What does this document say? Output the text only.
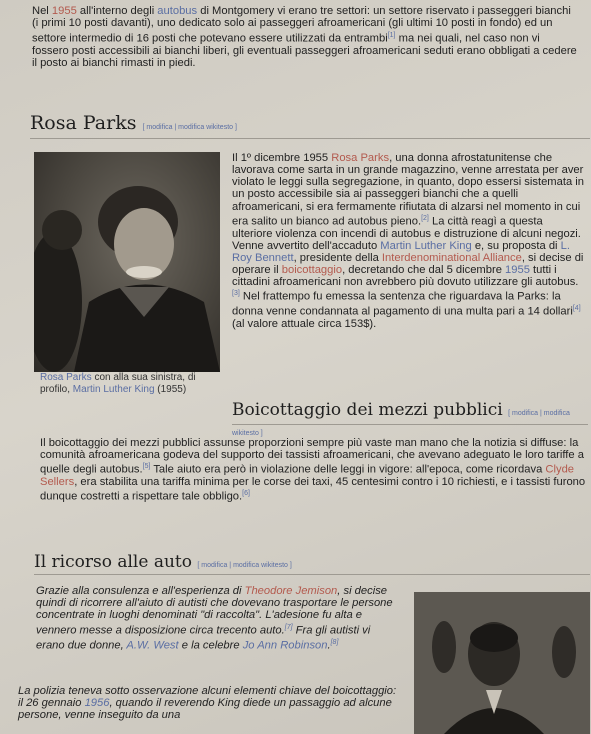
Nel 1955 all'interno degli autobus di Montgomery vi erano tre settori: un settore riservato i passeggeri bianchi (i primi 10 posti davanti), uno dedicato solo ai passeggeri afroamericani (gli ultimi 10 posti in fondo) ed un settore intermedio di 16 posti che potevano essere utilizzati da entrambi[1] ma nei quali, nel caso non vi fossero posti accessibili ai bianchi liberi, gli eventuali passeggeri afroamericani seduti erano obbligati a cedere il posto ai bianchi rimasti in piedi.

Rosa Parks [ modifica | modifica wikitesto ]
Rosa Parks con alla sua sinistra, di profilo, Martin Luther King (1955)

Il 1º dicembre 1955 Rosa Parks, una donna afrostatunitense che lavorava come sarta in un grande magazzino, venne arrestata per aver violato le leggi sulla segregazione, in quanto, dopo essersi sistemata in un posto accessibile sia ai passeggeri bianchi che a quelli afroamericani, si era fermamente rifiutata di alzarsi nel momento in cui era salito un bianco ad autobus pieno.[2] La città reagì a questa ulteriore violenza con incendi di autobus e distruzione di alcuni negozi. Venne avvertito dell'accaduto Martin Luther King e, su proposta di L. Roy Bennett, presidente della Interdenominational Alliance, si decise di operare il boicottaggio, decretando che dal 5 dicembre 1955 tutti i cittadini afroamericani non avrebbero più dovuto utilizzare gli autobus.[3] Nel frattempo fu emessa la sentenza che riguardava la Parks: la donna venne condannata al pagamento di una multa pari a 14 dollari[4] (al valore attuale circa 153$).

Boicottaggio dei mezzi pubblici [ modifica | modifica wikitesto ]

Il boicottaggio dei mezzi pubblici assunse proporzioni sempre più vaste man mano che la notizia si diffuse: la comunità afroamericana godeva del supporto dei tassisti afroamericani, che avevano adeguato le loro tariffe a quelle degli autobus.[5] Tale aiuto era però in violazione delle leggi in vigore: all'epoca, come ricordava Clyde Sellers, era stabilita una tariffa minima per le corse dei taxi, 45 centesimi contro i 10 richiesti, e i tassisti furono dunque costretti a rispettare tale obbligo.[6]

Il ricorso alle auto [ modifica | modifica wikitesto ]

Grazie alla consulenza e all'esperienza di Theodore Jemison, si decise quindi di ricorrere all'aiuto di autisti che dovevano trasportare le persone concentrate in luoghi denominati "di raccolta". L'adesione fu alta e vennero messe a disposizione circa trecento auto.[7] Fra gli autisti vi erano due donne, A.W. West e la celebre Jo Ann Robinson.[8]

La polizia teneva sotto osservazione alcuni elementi chiave del boicottaggio: il 26 gennaio 1956, quando il reverendo King diede un passaggio ad alcune persone, venne inseguito da una
